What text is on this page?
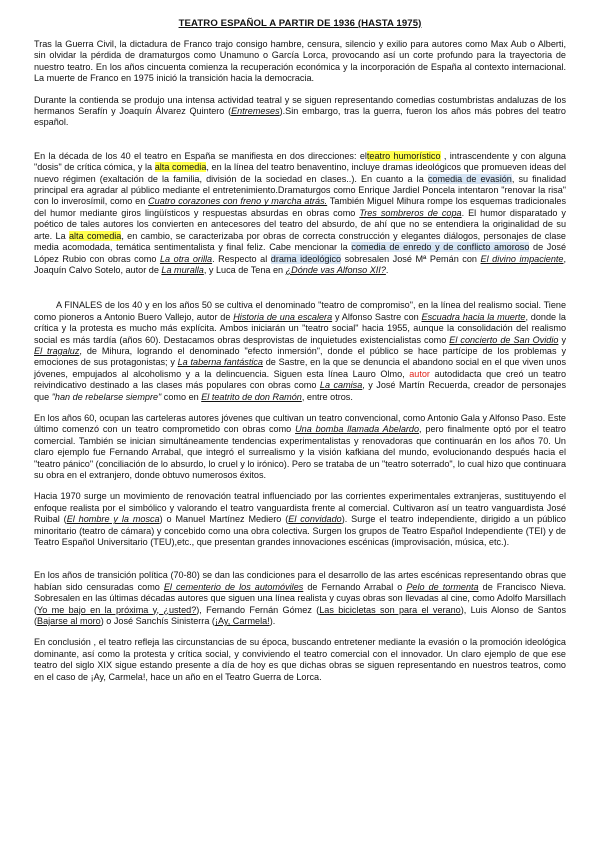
TEATRO ESPAÑOL A PARTIR DE 1936 (HASTA 1975)

Tras la Guerra Civil, la dictadura de Franco trajo consigo hambre, censura, silencio y exilio para autores como Max Aub o Alberti, sin olvidar la pérdida de dramaturgos como Unamuno o García Lorca, provocando así un corte profundo para la trayectoria de nuestro teatro. En los años cincuenta comienza la recuperación económica y la incorporación de España al contexto internacional. La muerte de Franco en 1975 inició la transición hacia la democracia.

Durante la contienda se produjo una intensa actividad teatral y se siguen representando comedias costumbristas andaluzas de los hermanos Serafín y Joaquín Álvarez Quintero (Entremeses).Sin embargo, tras la guerra, fueron los años más pobres del teatro español.

En la década de los 40 el teatro en España se manifiesta en dos direcciones: elteatro humorístico , intrascendente y con alguna "dosis" de crítica cómica, y la alta comedia, en la línea del teatro benaventino, incluye dramas ideológicos que promueven ideas del nuevo régimen (exaltación de la familia, división de la sociedad en clases..). En cuanto a la comedia de evasión, su finalidad principal era agradar al público mediante el entretenimiento.Dramaturgos como Enrique Jardiel Poncela intentaron "renovar la risa" con lo inverosímil, como en Cuatro corazones con freno y marcha atrás. También Miguel Mihura rompe los esquemas tradicionales del humor mediante giros lingüísticos y respuestas absurdas en obras como Tres sombreros de copa. El humor disparatado y poético de tales autores los convierten en antecesores del teatro del absurdo, de ahí que no se entendiera la originalidad de su arte. La alta comedia, en cambio, se caracterizaba por obras de correcta construcción y elegantes diálogos, personajes de clase media acomodada, temática sentimentalista y final feliz. Cabe mencionar la comedia de enredo y de conflicto amoroso de José López Rubio con obras como La otra orilla. Respecto al drama ideológico sobresalen José Mª Pemán con El divino impaciente, Joaquín Calvo Sotelo, autor de La muralla, y Luca de Tena en ¿Dónde vas Alfonso XII?.

A FINALES de los 40 y en los años 50 se cultiva el denominado "teatro de compromiso", en la línea del realismo social. Tiene como pioneros a Antonio Buero Vallejo, autor de Historia de una escalera y Alfonso Sastre con Escuadra hacia la muerte, donde la crítica y la protesta es mucho más explícita. Ambos iniciarán un "teatro social" hacia 1955, aunque la consolidación del realismo social es más tardía (años 60). Destacamos obras desprovistas de inquietudes existencialistas como El concierto de San Ovidio y El tragaluz, de Mihura, logrando el denominado "efecto inmersión", donde el público se hace partícipe de los problemas y emociones de sus protagonistas; y La taberna fantástica de Sastre, en la que se denuncia el abandono social en el que viven unos jóvenes, empujados al alcoholismo y a la delincuencia. Siguen esta línea Lauro Olmo, autor autodidacta que creó un teatro reivindicativo destinado a las clases más populares con obras como La camisa, y José Martín Recuerda, creador de personajes que "han de rebelarse siempre" como en El teatrito de don Ramón, entre otros.

En los años 60, ocupan las carteleras autores jóvenes que cultivan un teatro convencional, como Antonio Gala y Alfonso Paso. Este último comenzó con un teatro comprometido con obras como Una bomba llamada Abelardo, pero finalmente optó por el teatro comercial. También se inician simultáneamente tendencias experimentalistas y renovadoras que continuarán en los años 70. Un claro ejemplo fue Fernando Arrabal, que integró el surrealismo y la visión kafkiana del mundo, evolucionando después hacia el "teatro pánico" (conciliación de lo absurdo, lo cruel y lo irónico). Pero se trataba de un "teatro soterrado", lo cual hizo que continuara su obra en el extranjero, donde obtuvo numerosos éxitos.

Hacia 1970 surge un movimiento de renovación teatral influenciado por las corrientes experimentales extranjeras, sustituyendo el enfoque realista por el simbólico y valorando el teatro vanguardista frente al comercial. Cultivaron así un teatro vanguardista José Ruibal (El hombre y la mosca) o Manuel Martínez Mediero (El convidado). Surge el teatro independiente, dirigido a un público minoritario (teatro de cámara) y concebido como una obra colectiva. Surgen los grupos de Teatro Español Independiente (TEI) y de Teatro Español Universitario (TEU),etc., que presentan grandes innovaciones escénicas (improvisación, música, etc.).

En los años de transición política (70-80) se dan las condiciones para el desarrollo de las artes escénicas representando obras que habían sido censuradas como El cementerio de los automóviles de Fernando Arrabal o Pelo de tormenta de Francisco Nieva. Sobresalen en las últimas décadas autores que siguen una línea realista y cuyas obras son llevadas al cine, como Adolfo Marsillach (Yo me bajo en la próxima y, ¿usted?), Fernando Fernán Gómez (Las bicicletas son para el verano), Luis Alonso de Santos (Bajarse al moro) o José Sanchís Sinisterra (¡Ay, Carmela!).

En conclusión , el teatro refleja las circunstancias de su época, buscando entretener mediante la evasión o la promoción ideológica dominante, así como la protesta y crítica social, y conviviendo el teatro comercial con el innovador. Un claro ejemplo de que ese teatro del siglo XIX sigue estando presente a día de hoy es que dichas obras se siguen representando en nuestros teatros, como en el caso de ¡Ay, Carmela!, hace un año en el Teatro Guerra de Lorca.
